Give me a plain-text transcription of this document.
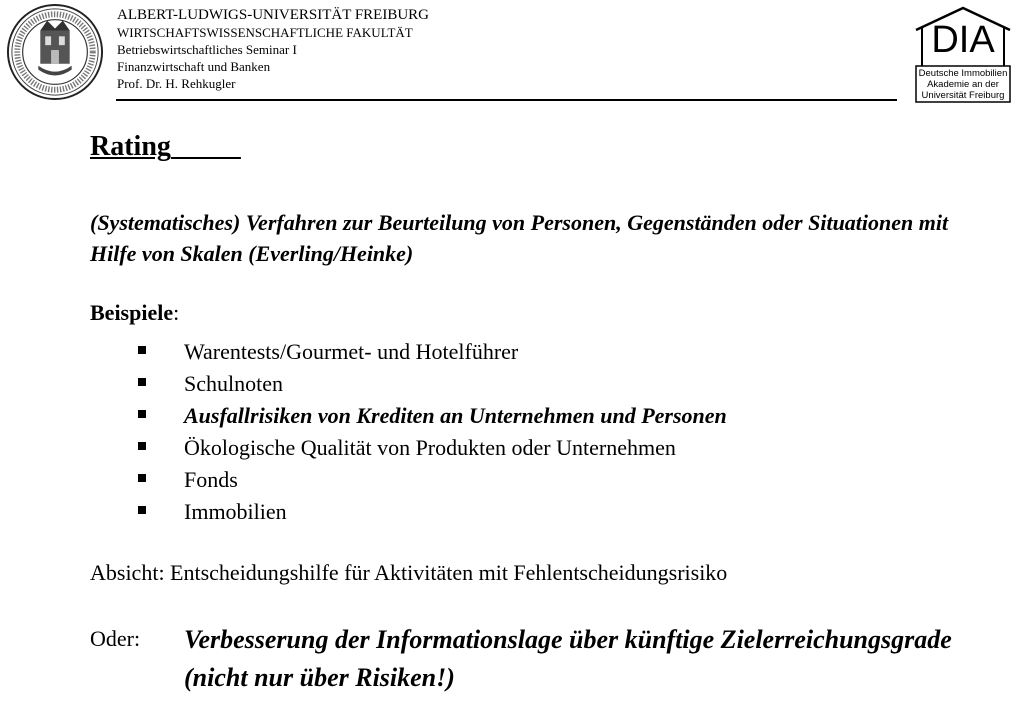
ALBERT-LUDWIGS-UNIVERSITÄT FREIBURG
WIRTSCHAFTSWISSENSCHAFTLICHE FAKULTÄT
Betriebswirtschaftliches Seminar I
Finanzwirtschaft und Banken
Prof. Dr. H. Rehkugler
DIA
Deutsche Immobilien
Akademie an der
Universität Freiburg
Rating
(Systematisches) Verfahren zur Beurteilung von Personen, Gegenständen oder Situationen mit Hilfe von Skalen (Everling/Heinke)
Beispiele:
Warentests/Gourmet- und Hotelführer
Schulnoten
Ausfallrisiken von Krediten an Unternehmen und Personen
Ökologische Qualität von Produkten oder Unternehmen
Fonds
Immobilien
Absicht: Entscheidungshilfe für Aktivitäten mit Fehlentscheidungsrisiko
Oder: Verbesserung der Informationslage über künftige Zielerreichungsgrade (nicht nur über Risiken!)
